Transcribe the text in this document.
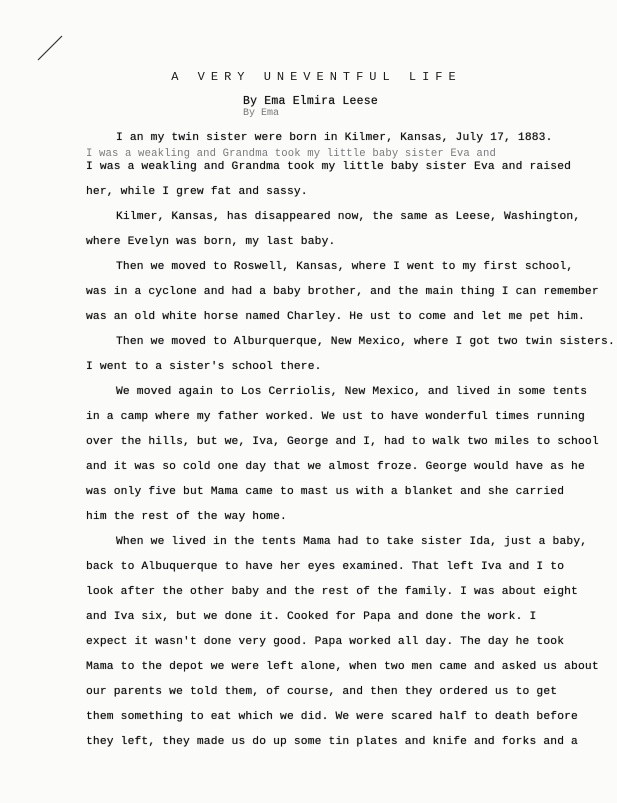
A VERY UNEVENTFUL LIFE
By Ema Elmira Leese
By Ema
I an my twin sister were born in Kilmer, Kansas, July 17, 1883.
I was a weakling and Grandma took my little baby sister Eva and
I was a weakling and Grandma took my little baby sister Eva and raised
her, while I grew fat and sassy.
Kilmer, Kansas, has disappeared now, the same as Leese, Washington,
where Evelyn was born, my last baby.
Then we moved to Roswell, Kansas, where I went to my first school,
was in a cyclone and had a baby brother, and the main thing I can remember
was an old white horse named Charley. He ust to come and let me pet him.
Then we moved to Alburquerque, New Mexico, where I got two twin sisters.
I went to a sister's school there.
We moved again to Los Cerriolis, New Mexico, and lived in some tents
in a camp where my father worked. We ust to have wonderful times running
over the hills, but we, Iva, George and I, had to walk two miles to school
and it was so cold one day that we almost froze. George would have as he
was only five but Mama came to mast us with a blanket and she carried
him the rest of the way home.
When we lived in the tents Mama had to take sister Ida, just a baby,
back to Albuquerque to have her eyes examined. That left Iva and I to
look after the other baby and the rest of the family. I was about eight
and Iva six, but we done it. Cooked for Papa and done the work. I
expect it wasn't done very good. Papa worked all day. The day he took
Mama to the depot we were left alone, when two men came and asked us about
our parents we told them, of course, and then they ordered us to get
them something to eat which we did. We were scared half to death before
they left, they made us do up some tin plates and knife and forks and a
